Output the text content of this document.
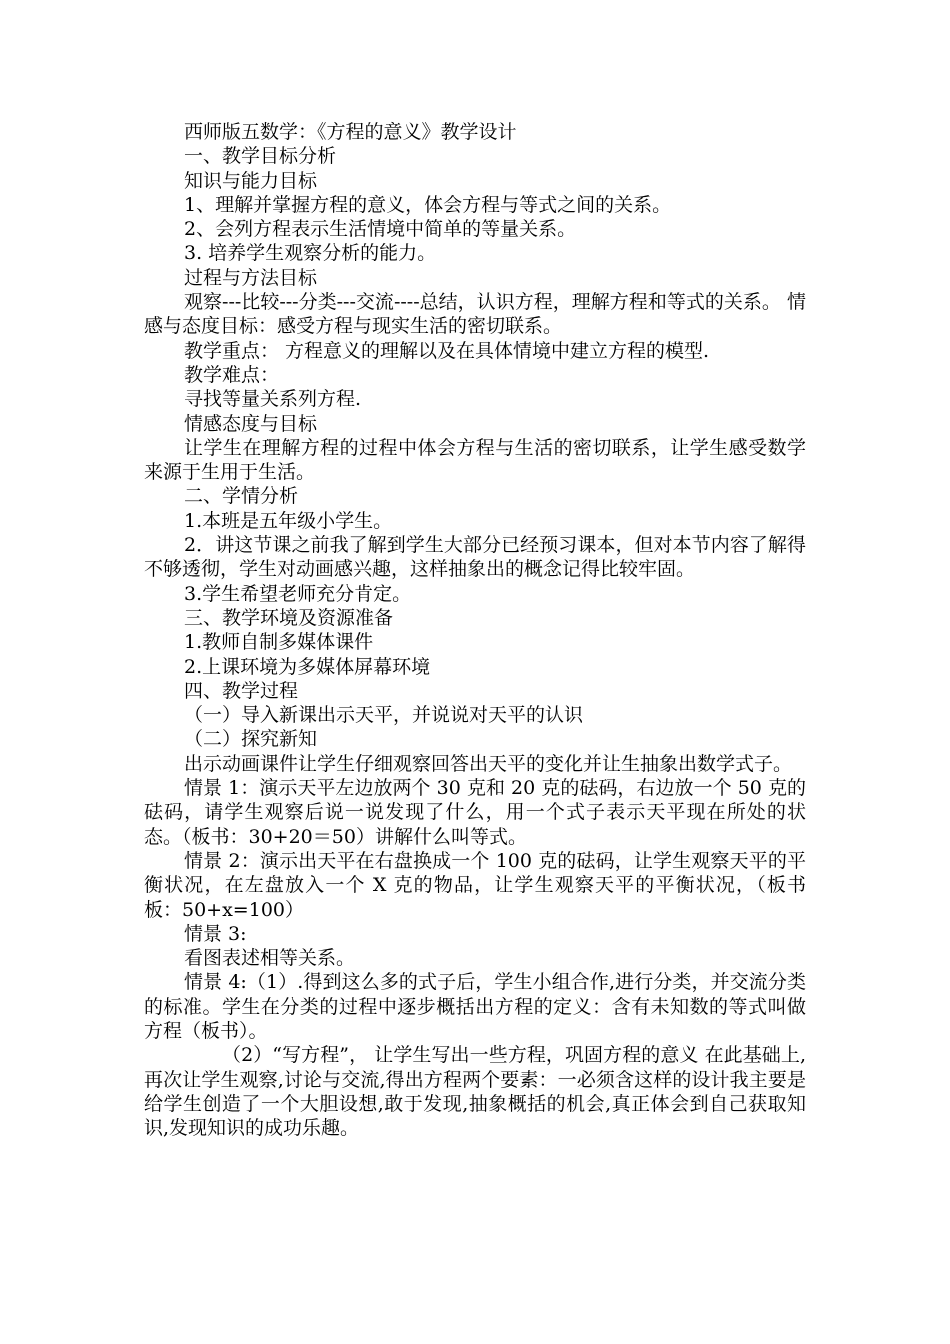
西师版五数学：《方程的意义》教学设计

一、教学目标分析

知识与能力目标

1、理解并掌握方程的意义，体会方程与等式之间的关系。

2、会列方程表示生活情境中简单的等量关系。

3. 培养学生观察分析的能力。

过程与方法目标

观察---比较---分类---交流----总结，认识方程，理解方程和等式的关系。 情感与态度目标：感受方程与现实生活的密切联系。

教学重点： 方程意义的理解以及在具体情境中建立方程的模型.

教学难点：

寻找等量关系列方程.

情感态度与目标

让学生在理解方程的过程中体会方程与生活的密切联系，让学生感受数学来源于生用于生活。

二、学情分析

1.本班是五年级小学生。

2．讲这节课之前我了解到学生大部分已经预习课本，但对本节内容了解得不够透彻，学生对动画感兴趣，这样抽象出的概念记得比较牢固。

3.学生希望老师充分肯定。

三、教学环境及资源准备

1.教师自制多媒体课件

2.上课环境为多媒体屏幕环境

四、教学过程

（一）导入新课出示天平，并说说对天平的认识

（二）探究新知

出示动画课件让学生仔细观察回答出天平的变化并让生抽象出数学式子。

情景 1：演示天平左边放两个 30 克和 20 克的砝码，右边放一个 50 克的砝码，请学生观察后说一说发现了什么，用一个式子表示天平现在所处的状态。（板书：30+20＝50）讲解什么叫等式。

情景 2：演示出天平在右盘换成一个 100 克的砝码，让学生观察天平的平衡状况，在左盘放入一个 X 克的物品，让学生观察天平的平衡状况，（板书板：50+x=100）

情景 3:

看图表述相等关系。

情景 4:（1）.得到这么多的式子后，学生小组合作,进行分类，并交流分类的标准。学生在分类的过程中逐步概括出方程的定义：含有未知数的等式叫做方程（板书）。

（2）“写方程”， 让学生写出一些方程，巩固方程的意义 在此基础上,再次让学生观察,讨论与交流,得出方程两个要素：一必须含这样的设计我主要是给学生创造了一个大胆设想,敢于发现,抽象概括的机会,真正体会到自己获取知识,发现知识的成功乐趣。
